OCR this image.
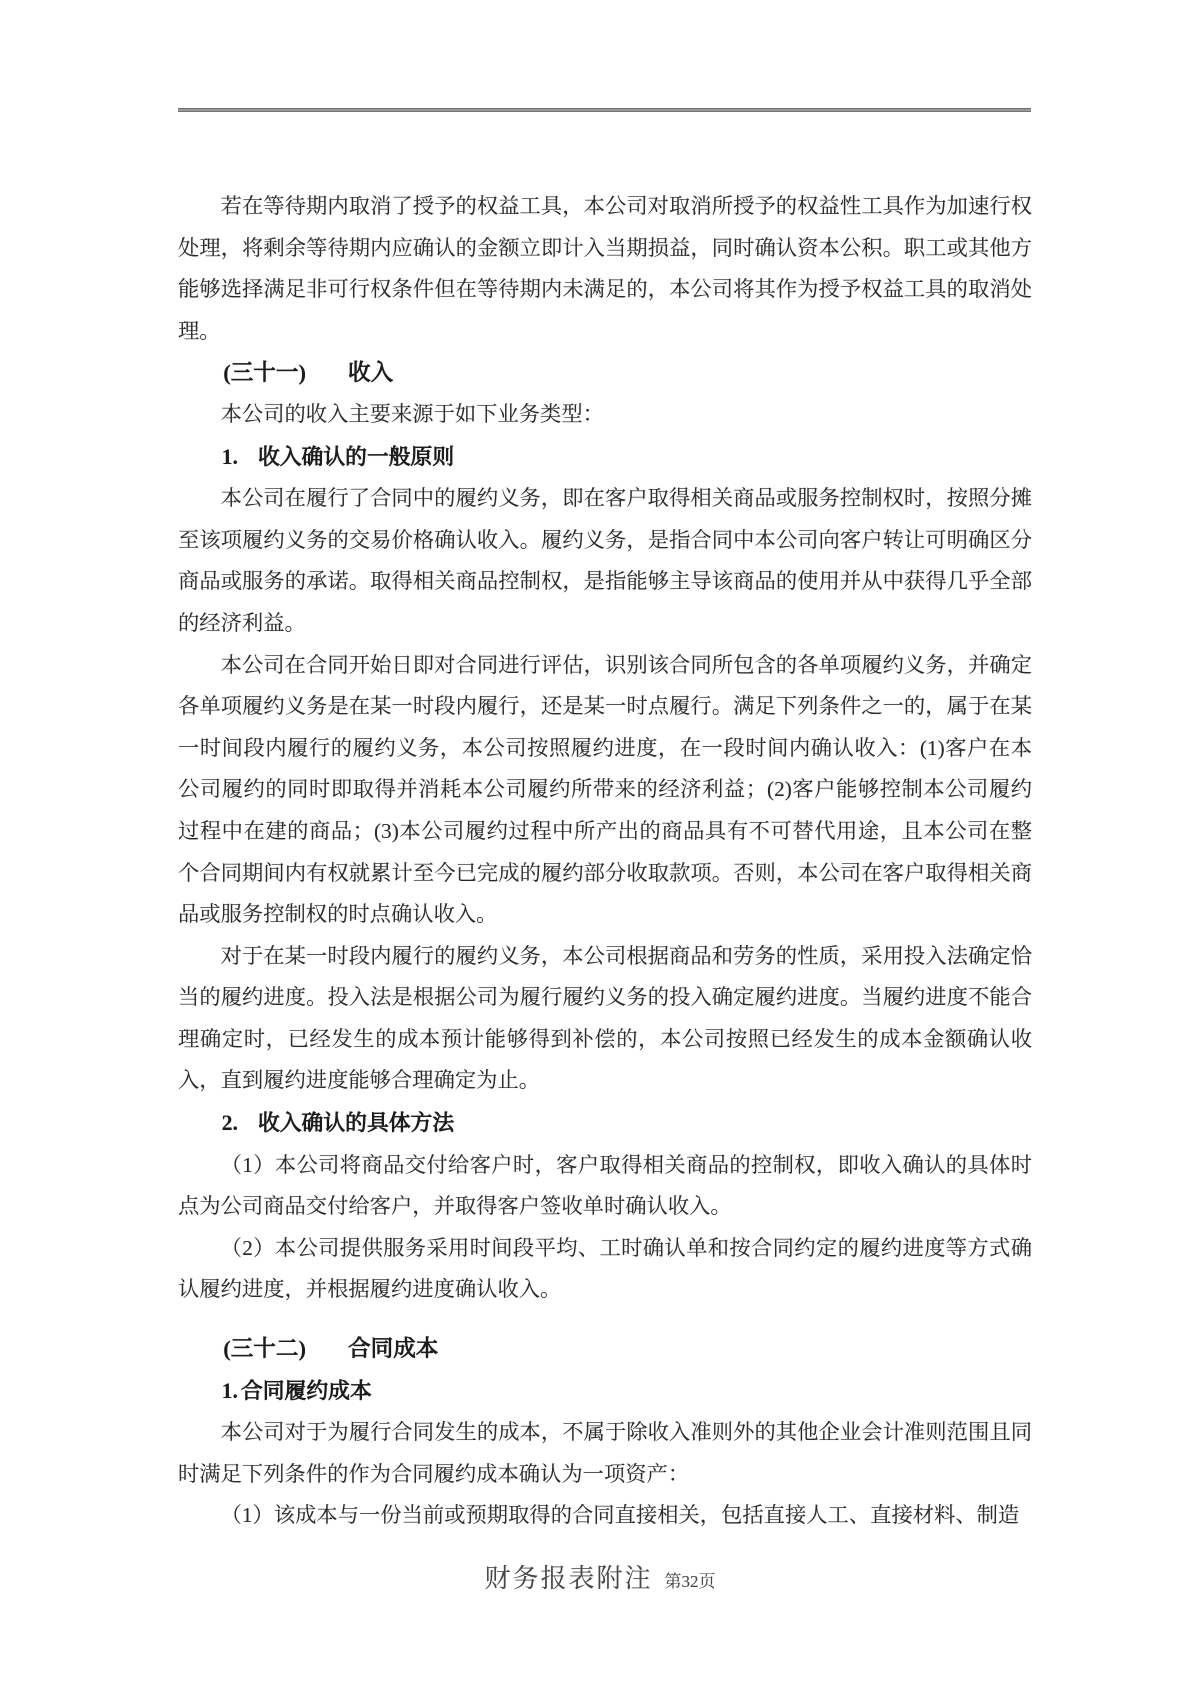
若在等待期内取消了授予的权益工具，本公司对取消所授予的权益性工具作为加速行权处理，将剩余等待期内应确认的金额立即计入当期损益，同时确认资本公积。职工或其他方能够选择满足非可行权条件但在等待期内未满足的，本公司将其作为授予权益工具的取消处理。

(三十一) 收入

本公司的收入主要来源于如下业务类型：

1. 收入确认的一般原则

本公司在履行了合同中的履约义务，即在客户取得相关商品或服务控制权时，按照分摊至该项履约义务的交易价格确认收入。履约义务，是指合同中本公司向客户转让可明确区分商品或服务的承诺。取得相关商品控制权，是指能够主导该商品的使用并从中获得几乎全部的经济利益。

本公司在合同开始日即对合同进行评估，识别该合同所包含的各单项履约义务，并确定各单项履约义务是在某一时段内履行，还是某一时点履行。满足下列条件之一的，属于在某一时间段内履行的履约义务，本公司按照履约进度，在一段时间内确认收入：(1)客户在本公司履约的同时即取得并消耗本公司履约所带来的经济利益；(2)客户能够控制本公司履约过程中在建的商品；(3)本公司履约过程中所产出的商品具有不可替代用途，且本公司在整个合同期间内有权就累计至今已完成的履约部分收取款项。否则，本公司在客户取得相关商品或服务控制权的时点确认收入。

对于在某一时段内履行的履约义务，本公司根据商品和劳务的性质，采用投入法确定恰当的履约进度。投入法是根据公司为履行履约义务的投入确定履约进度。当履约进度不能合理确定时，已经发生的成本预计能够得到补偿的，本公司按照已经发生的成本金额确认收入，直到履约进度能够合理确定为止。

2. 收入确认的具体方法

（1）本公司将商品交付给客户时，客户取得相关商品的控制权，即收入确认的具体时点为公司商品交付给客户，并取得客户签收单时确认收入。

（2）本公司提供服务采用时间段平均、工时确认单和按合同约定的履约进度等方式确认履约进度，并根据履约进度确认收入。

(三十二) 合同成本
1. 合同履约成本

本公司对于为履行合同发生的成本，不属于除收入准则外的其他企业会计准则范围且同时满足下列条件的作为合同履约成本确认为一项资产：

（1）该成本与一份当前或预期取得的合同直接相关，包括直接人工、直接材料、制造

财务报表附注 第32页
